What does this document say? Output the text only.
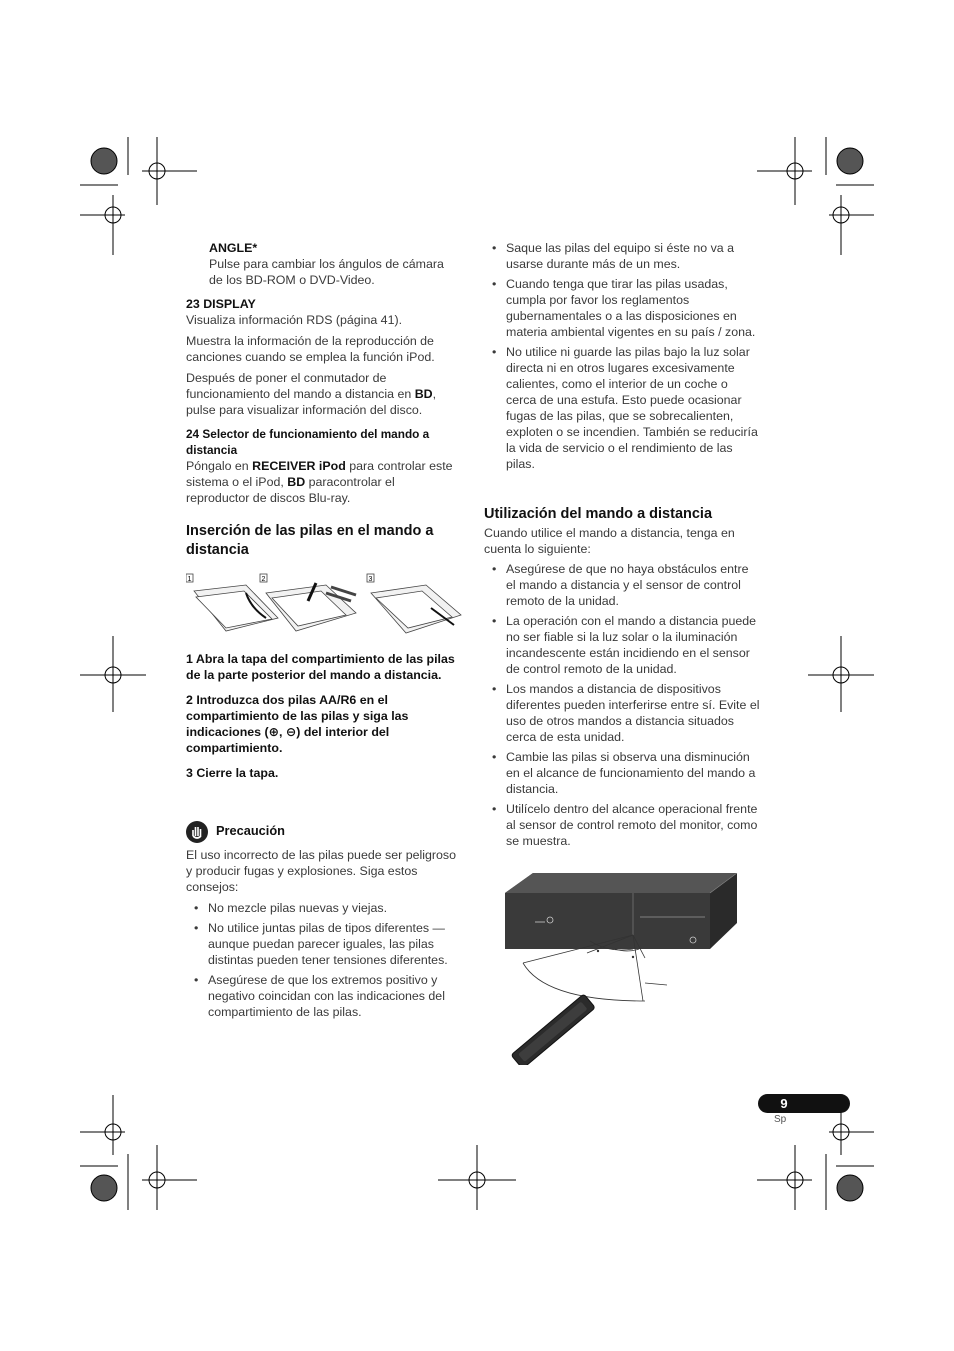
ANGLE*

Pulse para cambiar los ángulos de cámara de los BD-ROM o DVD-Video.

23 DISPLAY

Visualiza información RDS (página 41).

Muestra la información de la reproducción de canciones cuando se emplea la función iPod.

Después de poner el conmutador de funcionamiento del mando a distancia en BD, pulse para visualizar información del disco.

24 Selector de funcionamiento del mando a distancia

Póngalo en RECEIVER iPod para controlar este sistema o el iPod, BD paracontrolar el reproductor de discos Blu-ray.

Inserción de las pilas en el mando a distancia
1	2	3

1 Abra la tapa del compartimiento de las pilas de la parte posterior del mando a distancia.

2 Introduzca dos pilas AA/R6 en el compartimiento de las pilas y siga las indicaciones (⊕, ⊖) del interior del compartimiento.

3 Cierre la tapa.

Precaución

El uso incorrecto de las pilas puede ser peligroso y producir fugas y explosiones. Siga estos consejos:

• No mezcle pilas nuevas y viejas.

• No utilice juntas pilas de tipos diferentes — aunque puedan parecer iguales, las pilas distintas pueden tener tensiones diferentes.

• Asegúrese de que los extremos positivo y negativo coincidan con las indicaciones del compartimiento de las pilas.

• Saque las pilas del equipo si éste no va a usarse durante más de un mes.

• Cuando tenga que tirar las pilas usadas, cumpla por favor los reglamentos gubernamentales o a las disposiciones en materia ambiental vigentes en su país / zona.

• No utilice ni guarde las pilas bajo la luz solar directa ni en otros lugares excesivamente calientes, como el interior de un coche o cerca de una estufa. Esto puede ocasionar fugas de las pilas, que se sobrecalienten, exploten o se incendien. También se reduciría la vida de servicio o el rendimiento de las pilas.

Utilización del mando a distancia

Cuando utilice el mando a distancia, tenga en cuenta lo siguiente:

• Asegúrese de que no haya obstáculos entre el mando a distancia y el sensor de control remoto de la unidad.

• La operación con el mando a distancia puede no ser fiable si la luz solar o la iluminación incandescente están incidiendo en el sensor de control remoto de la unidad.

• Los mandos a distancia de dispositivos diferentes pueden interferirse entre sí. Evite el uso de otros mandos a distancia situados cerca de esta unidad.

• Cambie las pilas si observa una disminución en el alcance de funcionamiento del mando a distancia.

• Utilícelo dentro del alcance operacional frente al sensor de control remoto del monitor, como se muestra.

9
Sp
